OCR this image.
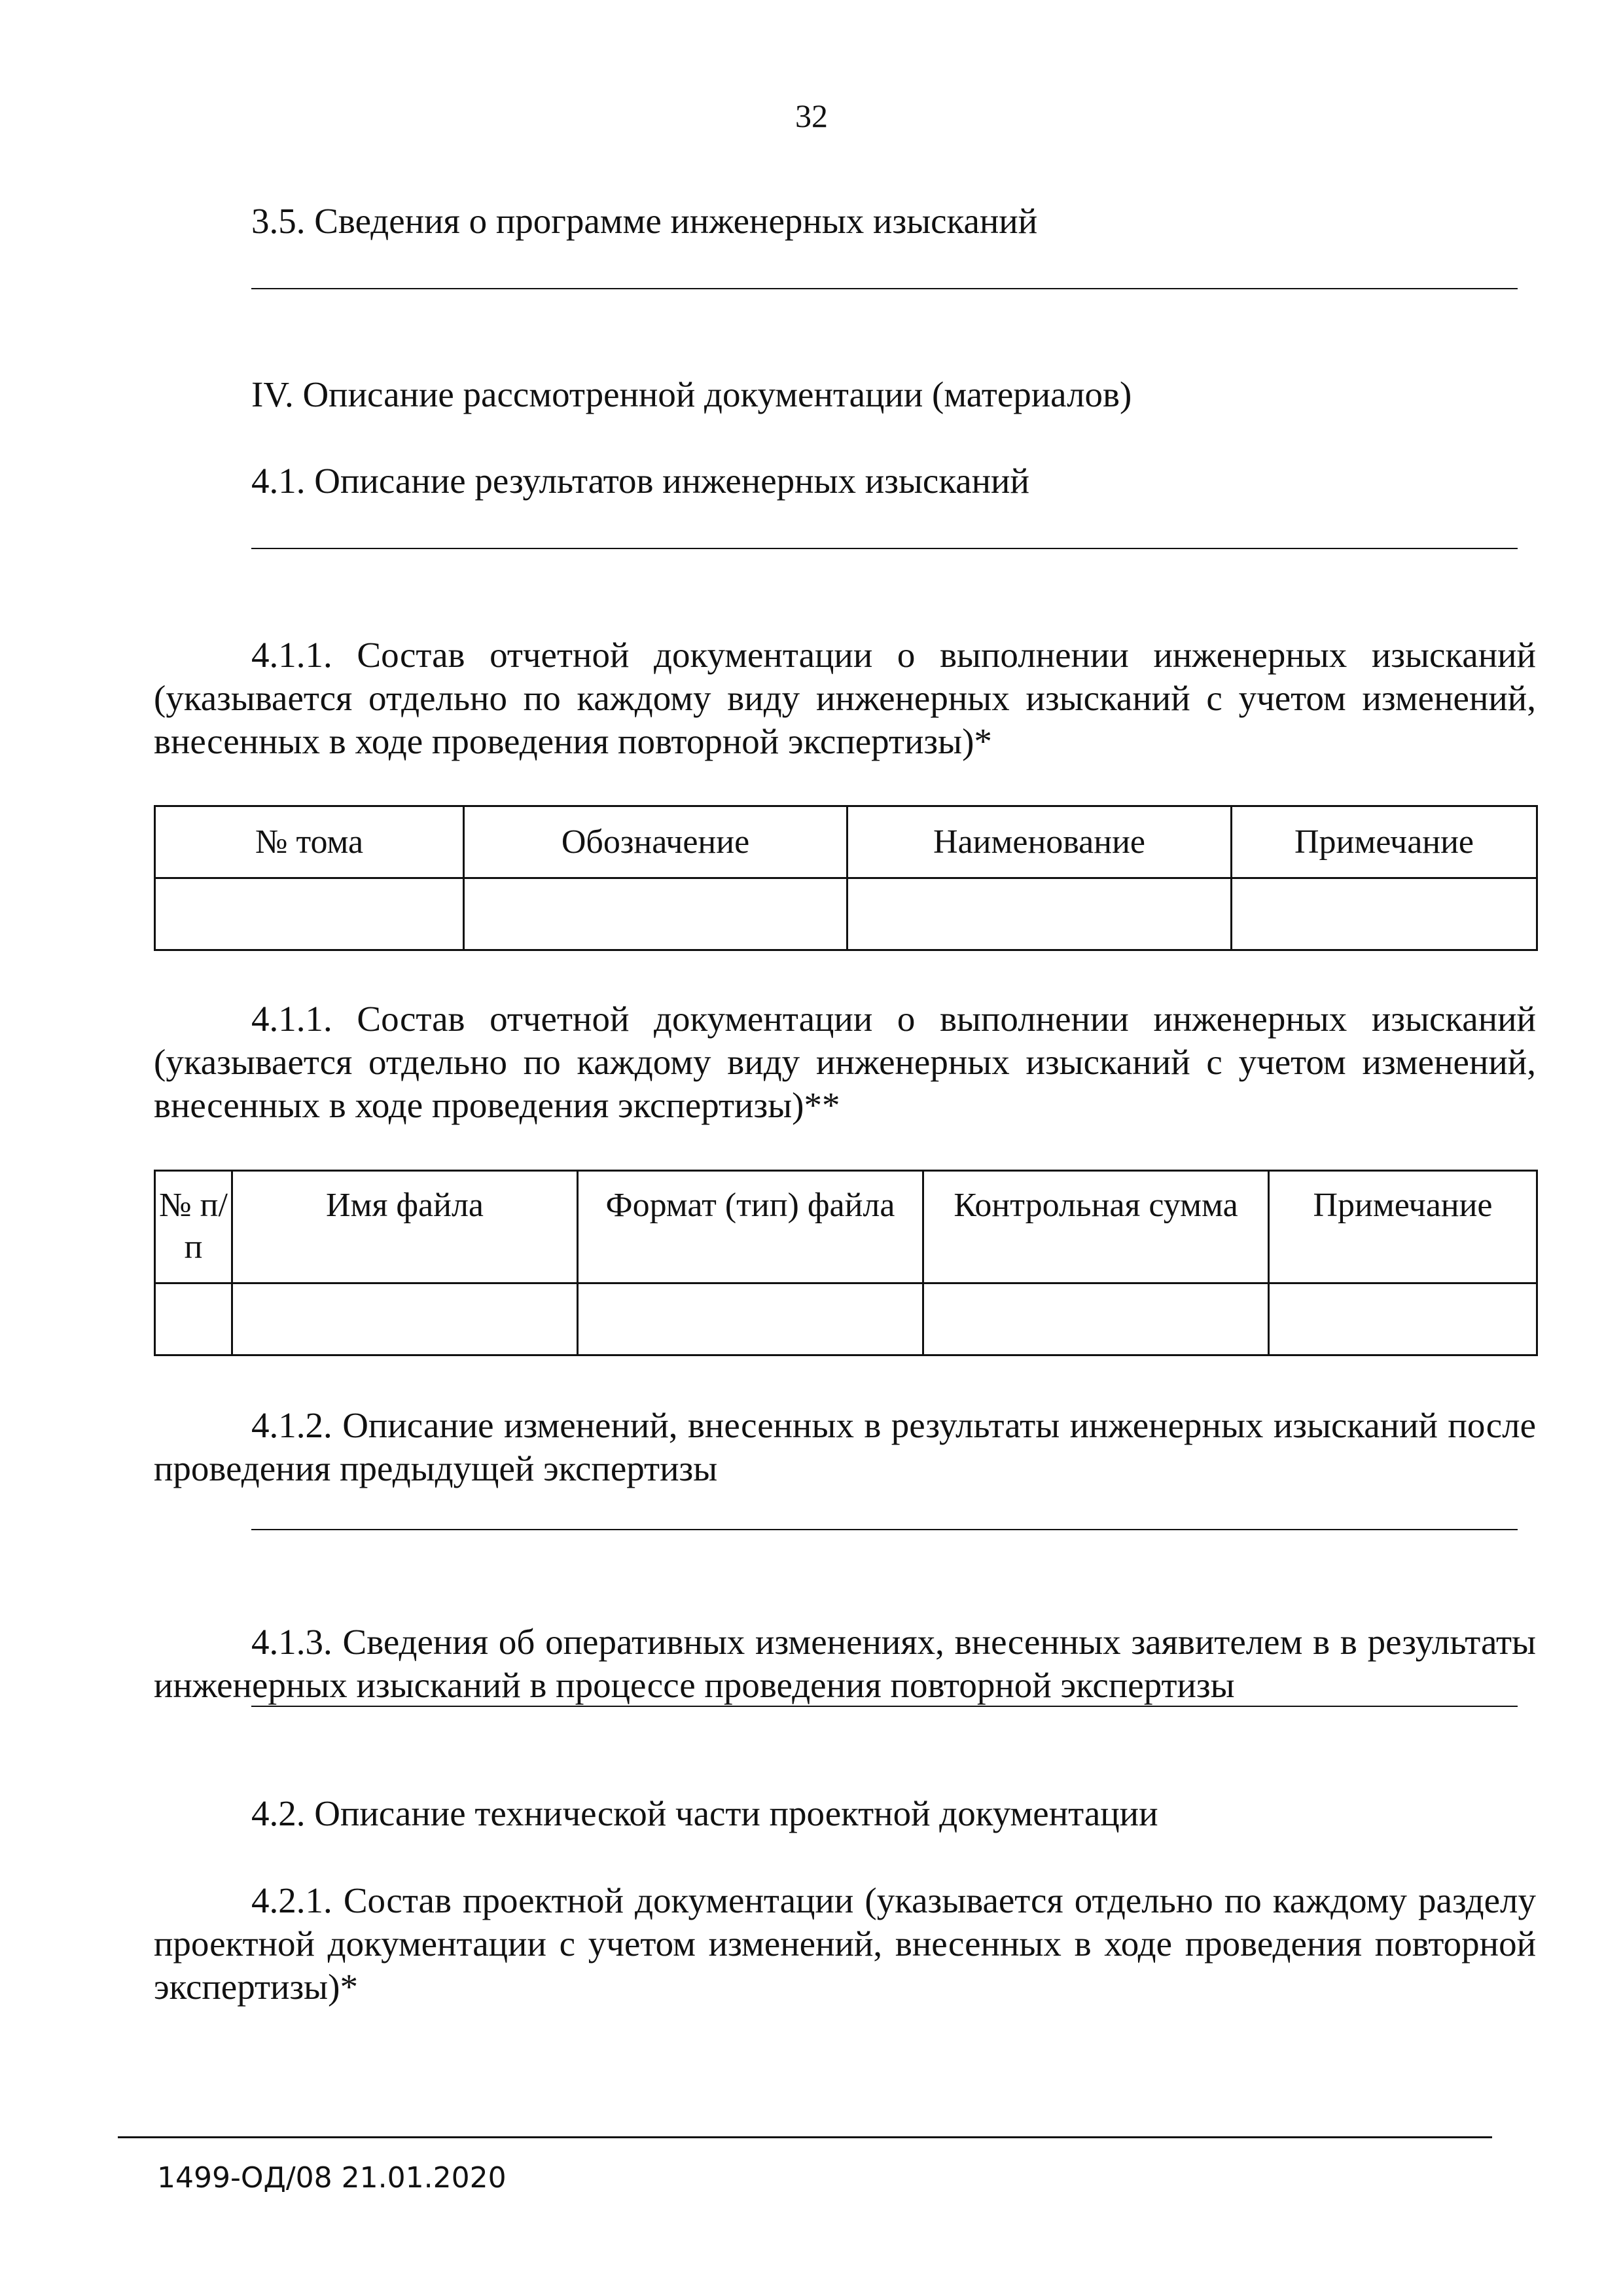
32
3.5. Сведения о программе инженерных изысканий
IV. Описание рассмотренной документации (материалов)
4.1. Описание результатов инженерных изысканий
4.1.1. Состав отчетной документации о выполнении инженерных изысканий (указывается отдельно по каждому виду инженерных изысканий с учетом изменений, внесенных в ходе проведения повторной экспертизы)*
№ тома	Обозначение	Наименование	Примечание

4.1.1. Состав отчетной документации о выполнении инженерных изысканий (указывается отдельно по каждому виду инженерных изысканий с учетом изменений, внесенных в ходе проведения экспертизы)**
№ п/п	Имя файла	Формат (тип) файла	Контрольная сумма	Примечание

4.1.2. Описание изменений, внесенных в результаты инженерных изысканий после проведения предыдущей экспертизы
4.1.3. Сведения об оперативных изменениях, внесенных заявителем в в результаты инженерных изысканий в процессе проведения повторной экспертизы
4.2. Описание технической части проектной документации
4.2.1. Состав проектной документации (указывается отдельно по каждому разделу проектной документации с учетом изменений, внесенных в ходе проведения повторной экспертизы)*
1499-ОД/08 21.01.2020
